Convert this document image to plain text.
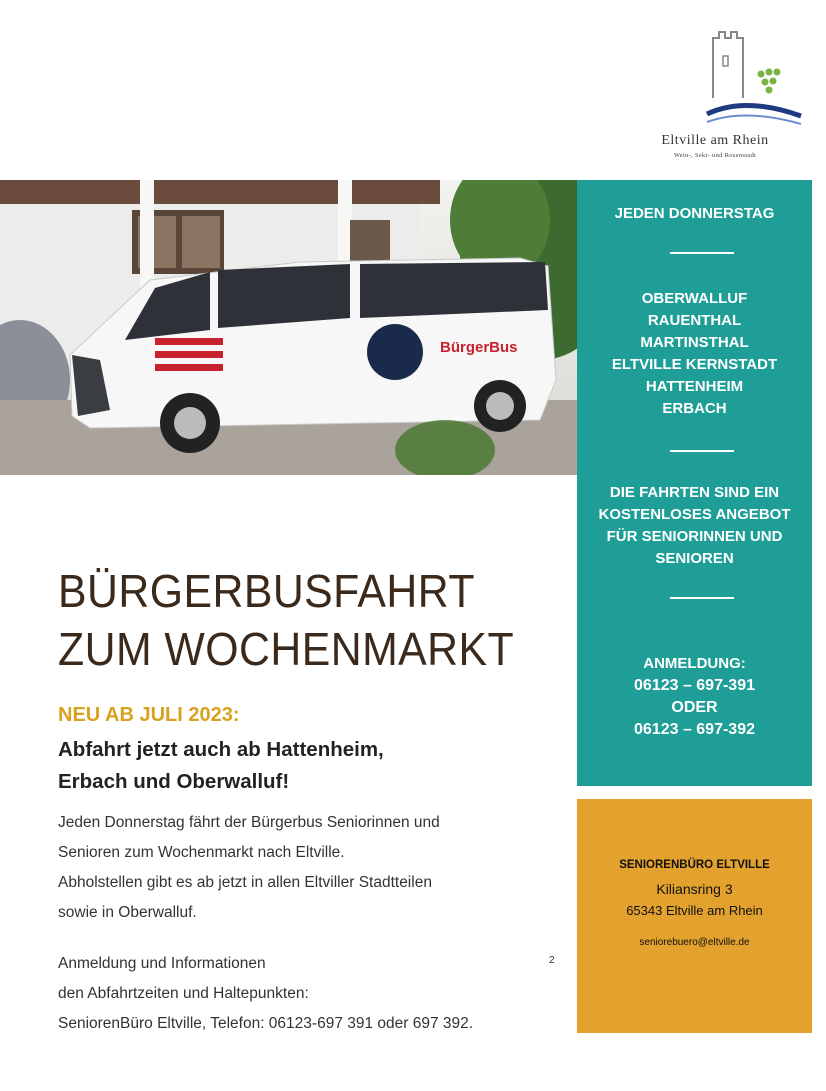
Eltville am Rhein
Wein-, Sekt- und Rosenstadt
BürgerBus
JEDEN DONNERSTAG
OBERWALLUF
RAUENTHAL
MARTINSTHAL
ELTVILLE KERNSTADT
HATTENHEIM
ERBACH
DIE FAHRTEN SIND EIN
KOSTENLOSES ANGEBOT
FÜR SENIORINNEN UND
SENIOREN
ANMELDUNG:
06123 – 697-391
ODER
06123 – 697-392
SENIORENBÜRO ELTVILLE
Kiliansring 3
65343 Eltville am Rhein
seniorebuero@eltville.de
BÜRGERBUSFAHRT
ZUM WOCHENMARKT
NEU AB JULI 2023:
Abfahrt jetzt auch ab Hattenheim,
Erbach und Oberwalluf!
Jeden Donnerstag fährt der Bürgerbus Seniorinnen und
Senioren zum Wochenmarkt nach Eltville.
Abholstellen gibt es ab jetzt in allen Eltviller Stadtteilen
sowie in Oberwalluf.
Anmeldung und Informationen
den Abfahrtzeiten und Haltepunkten:
SeniorenBüro Eltville, Telefon: 06123-697 391 oder 697 392.
2
